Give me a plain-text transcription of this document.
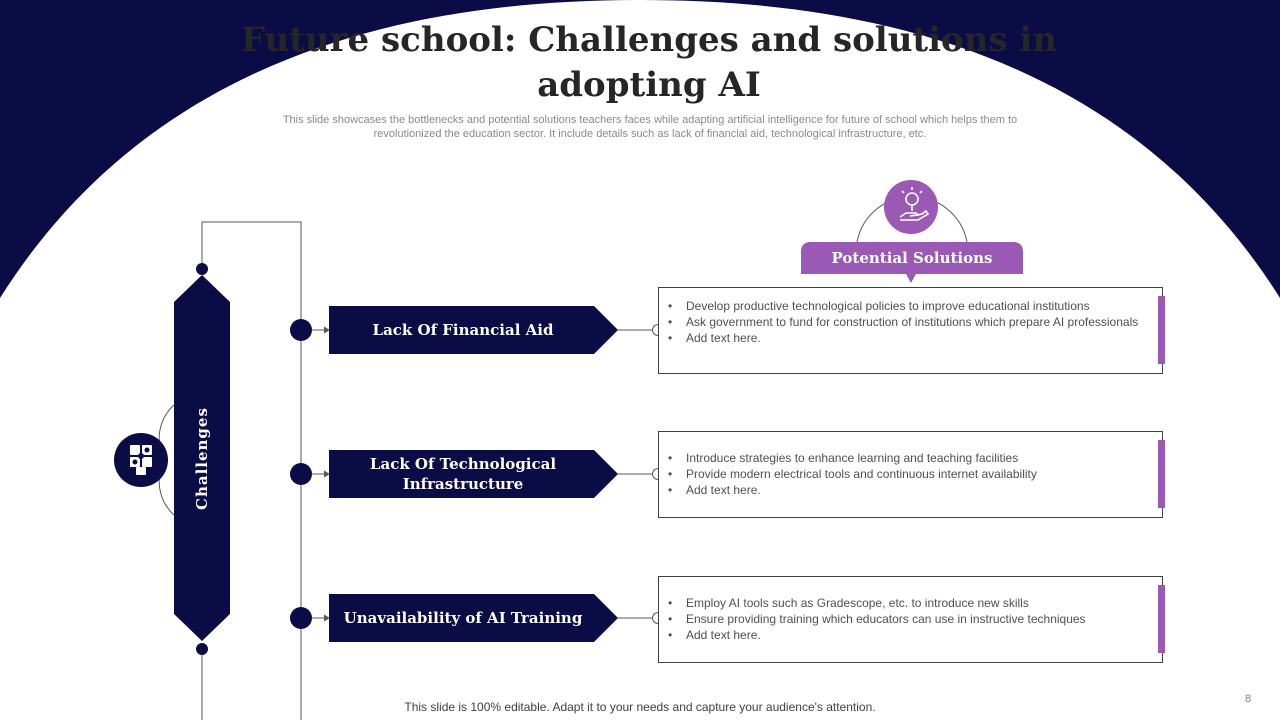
Future school: Challenges and solutions in adopting AI

This slide showcases the bottlenecks and potential solutions teachers faces while adapting artificial intelligence for future of school which helps them to revolutionized the education sector. It include details such as lack of financial aid, technological infrastructure, etc.

Challenges
Potential Solutions
Lack Of Financial Aid
Lack Of Technological Infrastructure
Unavailability of AI Training
• Develop productive technological policies to improve educational institutions
• Ask government to fund for construction of institutions which prepare AI professionals
• Add text here.
• Introduce strategies to enhance learning and teaching facilities
• Provide modern electrical tools and continuous internet availability
• Add text here.
• Employ AI tools such as Gradescope, etc. to introduce new skills
• Ensure providing training which educators can use in instructive techniques
• Add text here.
This slide is 100% editable. Adapt it to your needs and capture your audience's attention.
8
